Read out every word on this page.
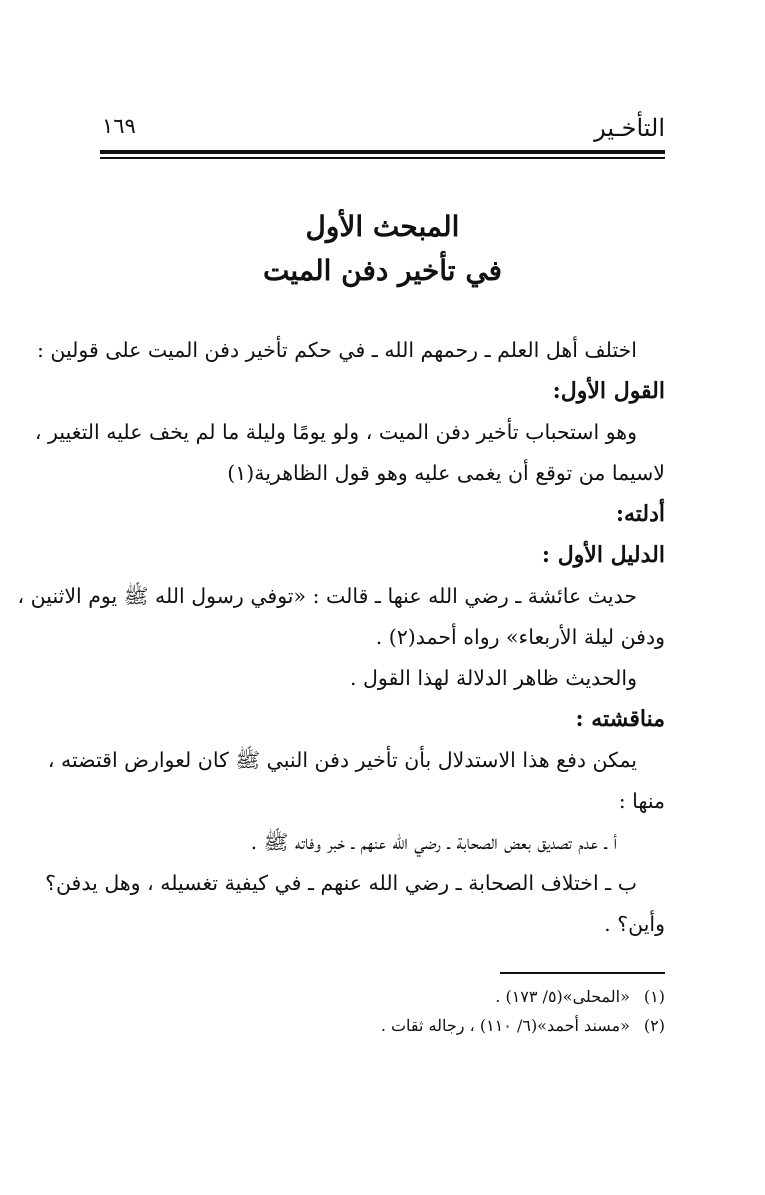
التأخـير
١٦٩
المبحث الأول
في تأخير دفن الميت
اختلف أهل العلم ـ رحمهم الله ـ في حكم تأخير دفن الميت على قولين :
القول الأول:
وهو استحباب تأخير دفن الميت ، ولو يومًا وليلة ما لم يخف عليه التغيير ،
لاسيما من توقع أن يغمى عليه وهو قول الظاهرية(١)
أدلته:
الدليل الأول :
حديث عائشة ـ رضي الله عنها ـ قالت : «توفي رسول الله ﷺ يوم الاثنين ،
ودفن ليلة الأربعاء» رواه أحمد(٢) .
والحديث ظاهر الدلالة لهذا القول .
مناقشته :
يمكن دفع هذا الاستدلال بأن تأخير دفن النبي ﷺ كان لعوارض اقتضته ،
منها :
أ ـ عدم تصديق بعض الصحابة ـ رضي الله عنهم ـ خبر وفاته ﷺ .
ب ـ اختلاف الصحابة ـ رضي الله عنهم ـ في كيفية تغسيله ، وهل يدفن؟
وأين؟ .
(١) «المحلى»(٥/ ١٧٣) .
(٢) «مسند أحمد»(٦/ ١١٠) ، رجاله ثقات .
